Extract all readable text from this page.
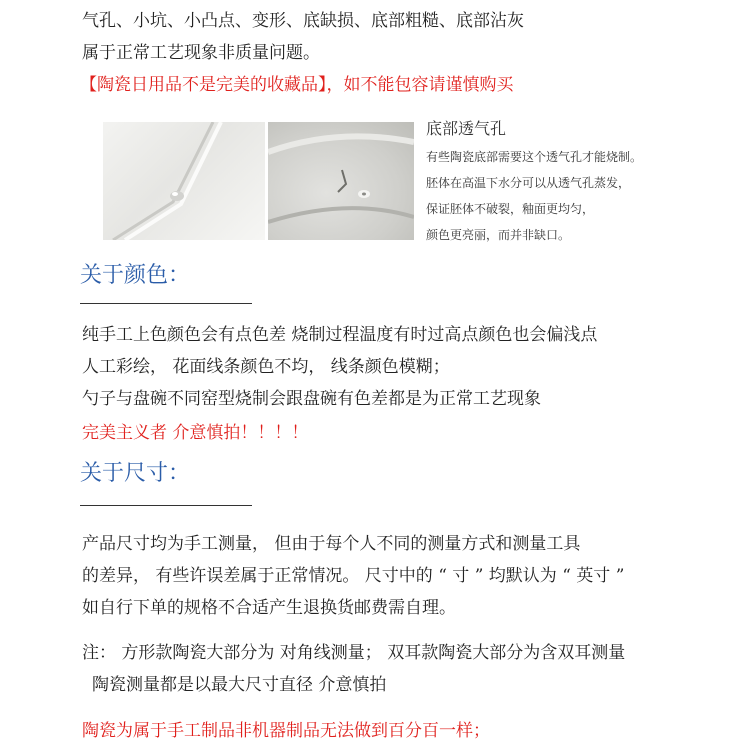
气孔、小坑、小凸点、变形、底缺损、底部粗糙、底部沾灰
属于正常工艺现象非质量问题。
【陶瓷日用品不是完美的收藏品】，如不能包容请谨慎购买
底部透气孔
有些陶瓷底部需要这个透气孔才能烧制。
胚体在高温下水分可以从透气孔蒸发，
保证胚体不破裂，釉面更均匀，
颜色更亮丽，而并非缺口。
关于颜色：
纯手工上色颜色会有点色差 烧制过程温度有时过高点颜色也会偏浅点
人工彩绘， 花面线条颜色不均， 线条颜色模糊；
勺子与盘碗不同窑型烧制会跟盘碗有色差都是为正常工艺现象
完美主义者 介意慎拍！！！！
关于尺寸：
产品尺寸均为手工测量， 但由于每个人不同的测量方式和测量工具
的差异， 有些许误差属于正常情况。 尺寸中的 “ 寸 ” 均默认为 “ 英寸 ”
如自行下单的规格不合适产生退换货邮费需自理。
注： 方形款陶瓷大部分为 对角线测量； 双耳款陶瓷大部分为含双耳测量
陶瓷测量都是以最大尺寸直径 介意慎拍
陶瓷为属于手工制品非机器制品无法做到百分百一样；
